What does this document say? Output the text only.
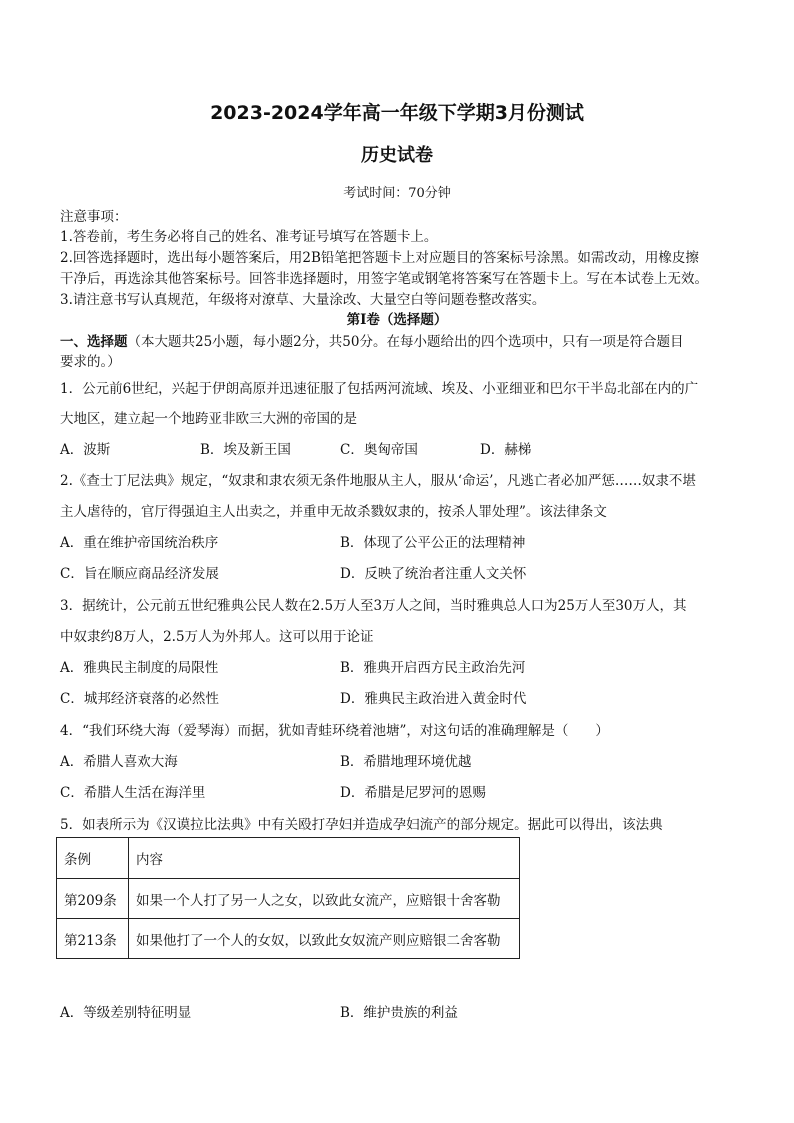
2023-2024学年高一年级下学期3月份测试
历史试卷
考试时间：70分钟
注意事项：
1.答卷前，考生务必将自己的姓名、准考证号填写在答题卡上。
2.回答选择题时，选出每小题答案后，用2B铅笔把答题卡上对应题目的答案标号涂黑。如需改动，用橡皮擦
干净后，再选涂其他答案标号。回答非选择题时，用签字笔或钢笔将答案写在答题卡上。写在本试卷上无效。
3.请注意书写认真规范，年级将对潦草、大量涂改、大量空白等问题卷整改落实。
第Ⅰ卷（选择题）
一、选择题（本大题共25小题，每小题2分，共50分。在每小题给出的四个选项中，只有一项是符合题目
要求的。）
1．公元前6世纪，兴起于伊朗高原并迅速征服了包括两河流域、埃及、小亚细亚和巴尔干半岛北部在内的广
大地区，建立起一个地跨亚非欧三大洲的帝国的是
A．波斯	B．埃及新王国	C．奥匈帝国	D．赫梯
2.《查士丁尼法典》规定，“奴隶和隶农须无条件地服从主人，服从‘命运’，凡逃亡者必加严惩……奴隶不堪
主人虐待的，官厅得强迫主人出卖之，并重申无故杀戮奴隶的，按杀人罪处理”。该法律条文
A．重在维护帝国统治秩序	B．体现了公平公正的法理精神
C．旨在顺应商品经济发展	D．反映了统治者注重人文关怀
3．据统计，公元前五世纪雅典公民人数在2.5万人至3万人之间，当时雅典总人口为25万人至30万人，其
中奴隶约8万人，2.5万人为外邦人。这可以用于论证
A．雅典民主制度的局限性	B．雅典开启西方民主政治先河
C．城邦经济衰落的必然性	D．雅典民主政治进入黄金时代
4．“我们环绕大海（爱琴海）而据，犹如青蛙环绕着池塘”，对这句话的准确理解是（　　）
A．希腊人喜欢大海	B．希腊地理环境优越
C．希腊人生活在海洋里	D．希腊是尼罗河的恩赐
5．如表所示为《汉谟拉比法典》中有关殴打孕妇并造成孕妇流产的部分规定。据此可以得出，该法典
条例	内容
第209条	如果一个人打了另一人之女，以致此女流产，应赔银十舍客勒
第213条	如果他打了一个人的女奴，以致此女奴流产则应赔银二舍客勒
A．等级差别特征明显	B．维护贵族的利益
